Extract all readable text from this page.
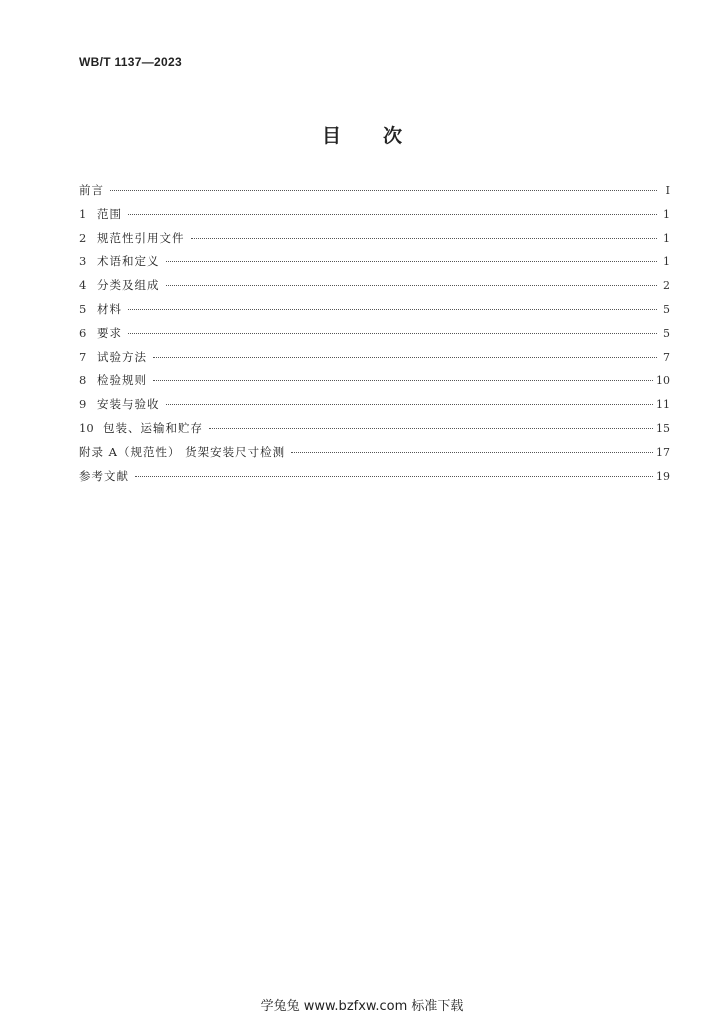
WB/T 1137—2023
目 次
前言	Ⅰ
1 范围	1
2 规范性引用文件	1
3 术语和定义	1
4 分类及组成	2
5 材料	5
6 要求	5
7 试验方法	7
8 检验规则	10
9 安装与验收	11
10 包装、运输和贮存	15
附录 A（规范性） 货架安装尺寸检测	17
参考文献	19
学兔兔 www.bzfxw.com 标准下载
